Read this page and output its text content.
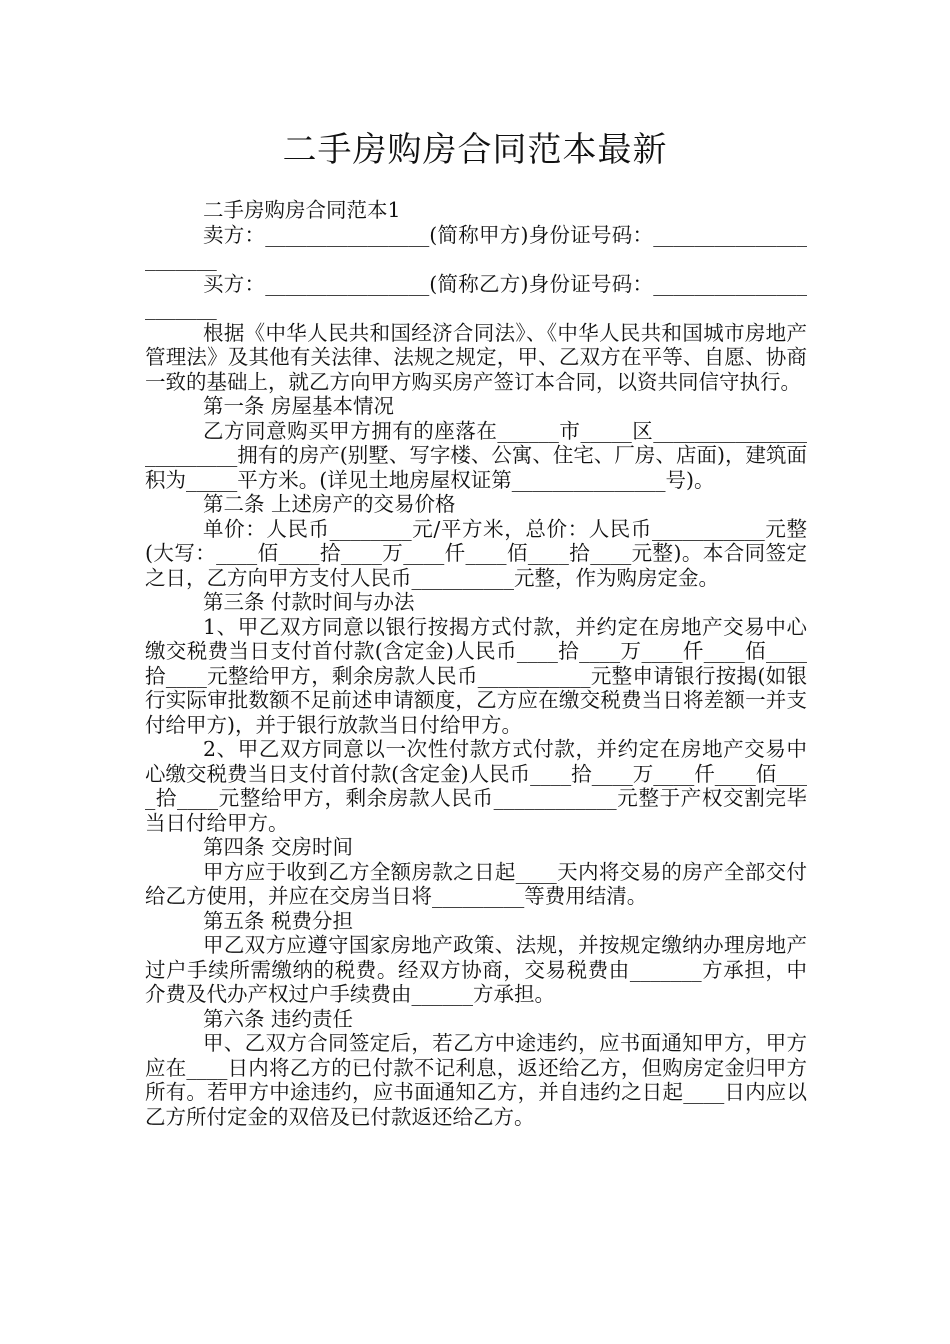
二手房购房合同范本最新

二手房购房合同范本1

卖方：________________(简称甲方)身份证号码：______________________

买方：________________(简称乙方)身份证号码：______________________

根据《中华人民共和国经济合同法》、《中华人民共和国城市房地产管理法》及其他有关法律、法规之规定，甲、乙双方在平等、自愿、协商一致的基础上，就乙方向甲方购买房产签订本合同，以资共同信守执行。

第一条 房屋基本情况

乙方同意购买甲方拥有的座落在______市_____区________________________拥有的房产(别墅、写字楼、公寓、住宅、厂房、店面)，建筑面积为_____平方米。(详见土地房屋权证第_______________号)。

第二条 上述房产的交易价格

单价：人民币________元/平方米，总价：人民币___________元整(大写：____佰____拾____万____仟____佰____拾____元整)。本合同签定之日，乙方向甲方支付人民币__________元整，作为购房定金。

第三条 付款时间与办法

1、甲乙双方同意以银行按揭方式付款，并约定在房地产交易中心缴交税费当日支付首付款(含定金)人民币____拾____万____仟____佰____拾____元整给甲方，剩余房款人民币___________元整申请银行按揭(如银行实际审批数额不足前述申请额度，乙方应在缴交税费当日将差额一并支付给甲方)，并于银行放款当日付给甲方。

2、甲乙双方同意以一次性付款方式付款，并约定在房地产交易中心缴交税费当日支付首付款(含定金)人民币____拾____万____仟____佰____拾____元整给甲方，剩余房款人民币____________元整于产权交割完毕当日付给甲方。

第四条 交房时间

甲方应于收到乙方全额房款之日起____天内将交易的房产全部交付给乙方使用，并应在交房当日将_________等费用结清。

第五条 税费分担

甲乙双方应遵守国家房地产政策、法规，并按规定缴纳办理房地产过户手续所需缴纳的税费。经双方协商，交易税费由_______方承担，中介费及代办产权过户手续费由______方承担。

第六条 违约责任

甲、乙双方合同签定后，若乙方中途违约，应书面通知甲方，甲方应在____日内将乙方的已付款不记利息，返还给乙方，但购房定金归甲方所有。若甲方中途违约，应书面通知乙方，并自违约之日起____日内应以乙方所付定金的双倍及已付款返还给乙方。
